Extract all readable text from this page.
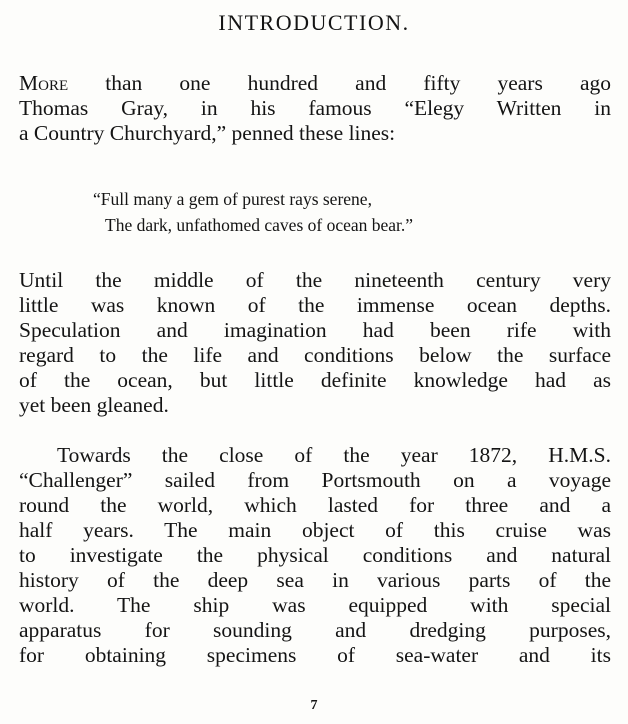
INTRODUCTION.
More than one hundred and fifty years ago
Thomas Gray, in his famous “Elegy Written in
a Country Churchyard,” penned these lines:
“Full many a gem of purest rays serene,
The dark, unfathomed caves of ocean bear.”
Until the middle of the nineteenth century very
little was known of the immense ocean depths.
Speculation and imagination had been rife with
regard to the life and conditions below the surface
of the ocean, but little definite knowledge had as
yet been gleaned.
Towards the close of the year 1872, H.M.S.
“Challenger” sailed from Portsmouth on a voyage
round the world, which lasted for three and a
half years. The main object of this cruise was
to investigate the physical conditions and natural
history of the deep sea in various parts of the
world. The ship was equipped with special
apparatus for sounding and dredging purposes,
for obtaining specimens of sea-water and its
7
